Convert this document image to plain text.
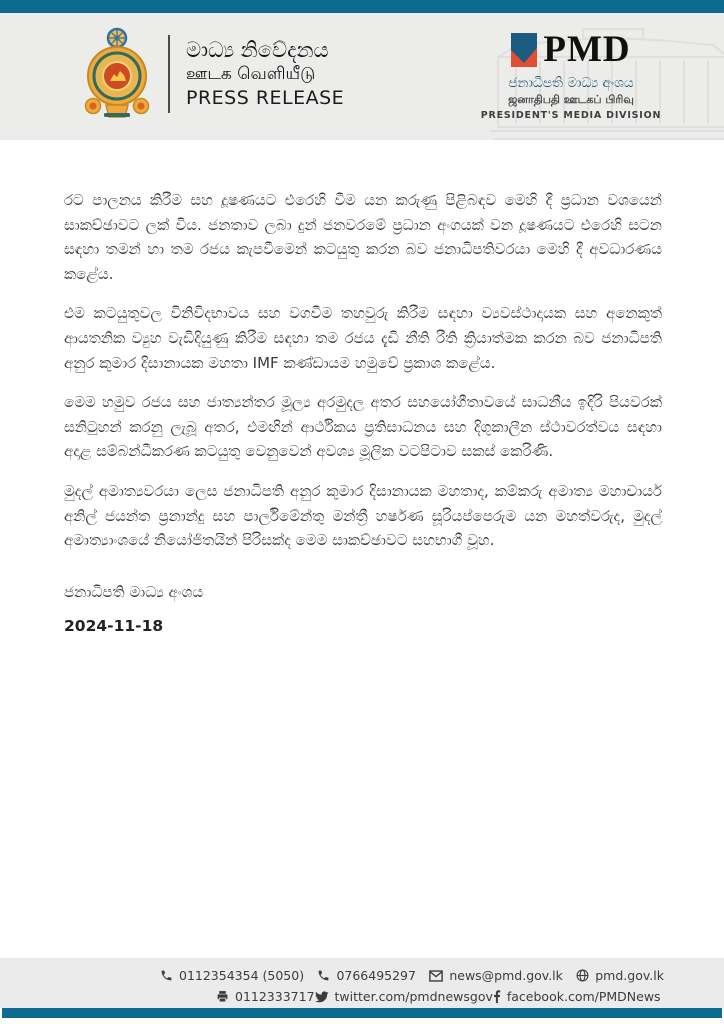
මාධ්‍ය නිවේදනය
ஊடக வெளியீடு
PRESS RELEASE
PMD
ජනාධිපති මාධ්‍ය අංශය
ஜனாதிபதி ஊடகப் பிரிவு
PRESIDENT'S MEDIA DIVISION

රට පාලනය කිරීම සහ දූෂණයට එරෙහි වීම යන කරුණු පිළිබඳව මෙහි දී ප්‍රධාන වශයෙන් සාකච්ඡාවට ලක් විය. ජනතාව ලබා දුන් ජනවරමේ ප්‍රධාන අංගයක් වන දූෂණයට එරෙහි සටන සඳහා තමන් හා තම රජය කැපවීමෙන් කටයුතු කරන බව ජනාධිපතිවරයා මෙහි දී අවධාරණය කළේය.

එම කටයුතුවල විනිවිදභාවය සහ වගවීම තහවුරු කිරීම සඳහා ව්‍යවස්ථාදායක සහ අනෙකුත් ආයතනික ව්‍යුහ වැඩිදියුණු කිරීම සඳහා තම රජය දැඩි නීති රීති ක්‍රියාත්මක කරන බව ජනාධිපති අනුර කුමාර දිසානායක මහතා IMF කණ්ඩායම හමුවේ ප්‍රකාශ කළේය.

මෙම හමුව රජය සහ ජාත්‍යන්තර මූල්‍ය අරමුදල අතර සහයෝගීතාවයේ සාධනීය ඉදිරි පියවරක් සනිටුහන් කරනු ලැබූ අතර, එමඟින් ආර්ථිකය ප්‍රතිසාධනය සහ දිගුකාලීන ස්ථාවරත්වය සඳහා අදාළ සම්බන්ධීකරණ කටයුතු වෙනුවෙන් අවශ්‍ය මූලික වටපිටාව සකස් කෙරිණි.

මුදල් අමාත්‍යවරයා ලෙස ජනාධිපති අනුර කුමාර දිසානායක මහතාද, කම්කරු අමාත්‍ය මහාචාර්ය අනිල් ජයන්ත ප්‍රනාන්දු සහ පාර්ලිමේන්තු මන්ත්‍රී හර්ෂණ සූරියප්පෙරුම යන මහත්වරුද, මුදල් අමාත්‍යාංශයේ නියෝජිතයින් පිරිසක්ද මෙම සාකච්ඡාවට සහභාගී වූහ.

ජනාධිපති මාධ්‍ය අංශය
2024-11-18
0112354354 (5050)	0766495297	news@pmd.gov.lk	pmd.gov.lk
0112333717 twitter.com/pmdnewsgov facebook.com/PMDNews
